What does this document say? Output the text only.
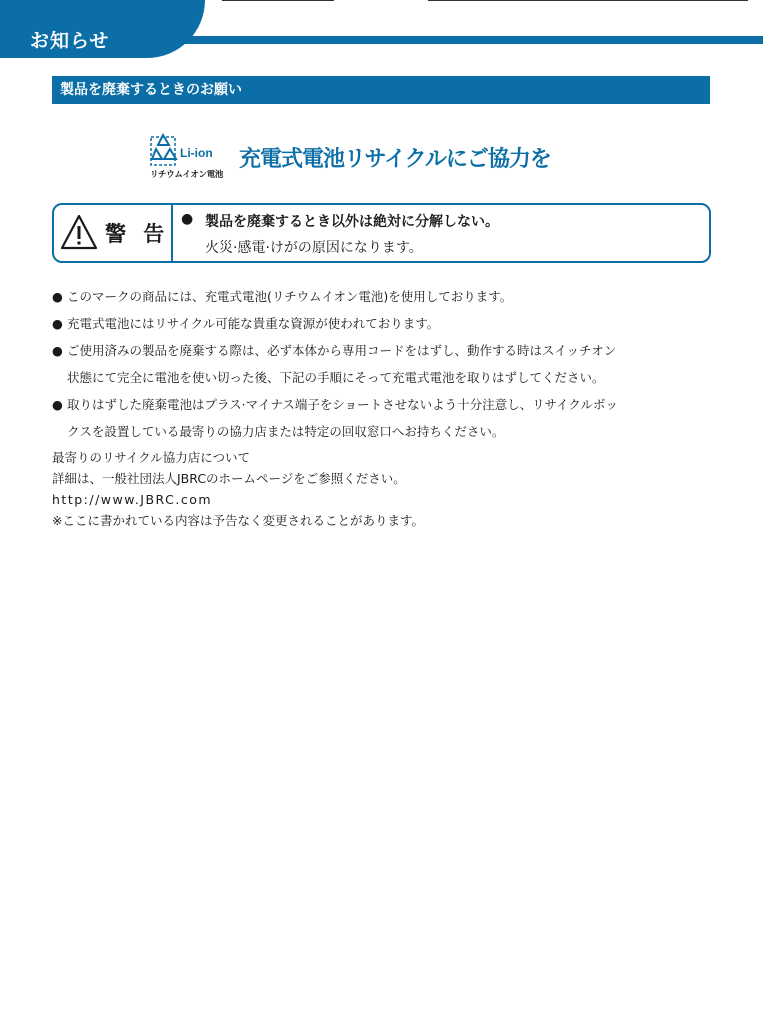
お知らせ
製品を廃棄するときのお願い
Li-ion
リチウムイオン電池
充電式電池リサイクルにご協力を
警 告
● 製品を廃棄するとき以外は絶対に分解しない。
火災·感電·けがの原因になります。
● このマークの商品には、充電式電池(リチウムイオン電池)を使用しております。
● 充電式電池にはリサイクル可能な貴重な資源が使われております。
● ご使用済みの製品を廃棄する際は、必ず本体から専用コードをはずし、動作する時はスイッチオン
状態にて完全に電池を使い切った後、下記の手順にそって充電式電池を取りはずしてください。
● 取りはずした廃棄電池はプラス·マイナス端子をショートさせないよう十分注意し、リサイクルボッ
クスを設置している最寄りの協力店または特定の回収窓口へお持ちください。
最寄りのリサイクル協力店について
詳細は、一般社団法人JBRCのホームページをご参照ください。
http://www.JBRC.com
※ここに書かれている内容は予告なく変更されることがあります。
